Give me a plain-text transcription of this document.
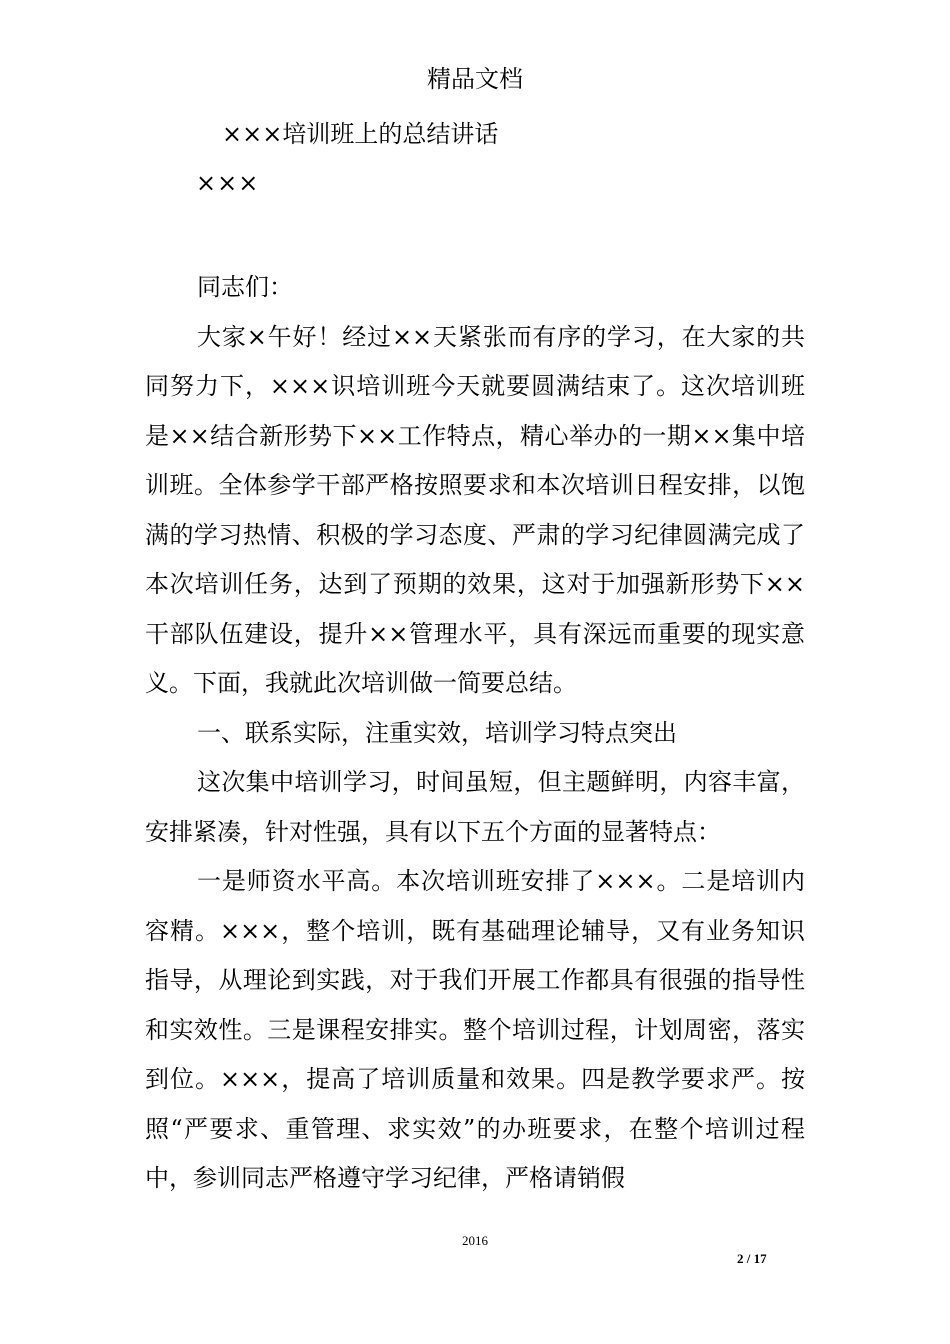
精品文档
×××培训班上的总结讲话
×××

同志们：

大家×午好！经过××天紧张而有序的学习，在大家的共同努力下，×××识培训班今天就要圆满结束了。这次培训班是××结合新形势下××工作特点，精心举办的一期××集中培训班。全体参学干部严格按照要求和本次培训日程安排，以饱满的学习热情、积极的学习态度、严肃的学习纪律圆满完成了本次培训任务，达到了预期的效果，这对于加强新形势下××干部队伍建设，提升××管理水平，具有深远而重要的现实意义。下面，我就此次培训做一简要总结。

一、联系实际，注重实效，培训学习特点突出

这次集中培训学习，时间虽短，但主题鲜明，内容丰富，安排紧凑，针对性强，具有以下五个方面的显著特点：

一是师资水平高。本次培训班安排了×××。二是培训内容精。×××，整个培训，既有基础理论辅导，又有业务知识指导，从理论到实践，对于我们开展工作都具有很强的指导性和实效性。三是课程安排实。整个培训过程，计划周密，落实到位。×××，提高了培训质量和效果。四是教学要求严。按照“严要求、重管理、求实效”的办班要求，在整个培训过程中，参训同志严格遵守学习纪律，严格请销假

2016
2 / 17
